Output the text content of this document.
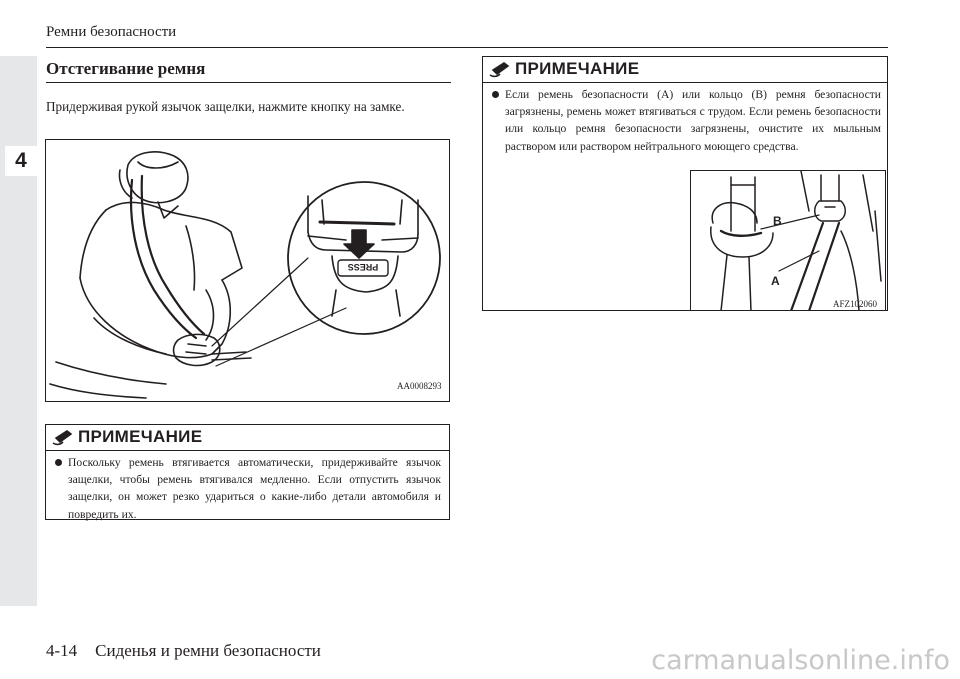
4
Ремни безопасности
Отстегивание ремня
Придерживая рукой язычок защелки, нажмите кнопку на замке.
PRESS
AA0008293
ПРИМЕЧАНИЕ
Поскольку ремень втягивается автоматически, придерживайте язычок защелки, чтобы ремень втягивался медленно. Если отпустить язычок защелки, он может резко удариться о какие-либо детали автомобиля и повредить их.
ПРИМЕЧАНИЕ
Если ремень безопасности (A) или кольцо (B) ремня безопасности загрязнены, ремень может втягиваться с трудом. Если ремень безопасности или кольцо ремня безопасности загрязнены, очистите их мыльным раствором или раствором нейтрального моющего средства.
B
A
AFZ102060
4-14 Сиденья и ремни безопасности	carmanualsonline.info
